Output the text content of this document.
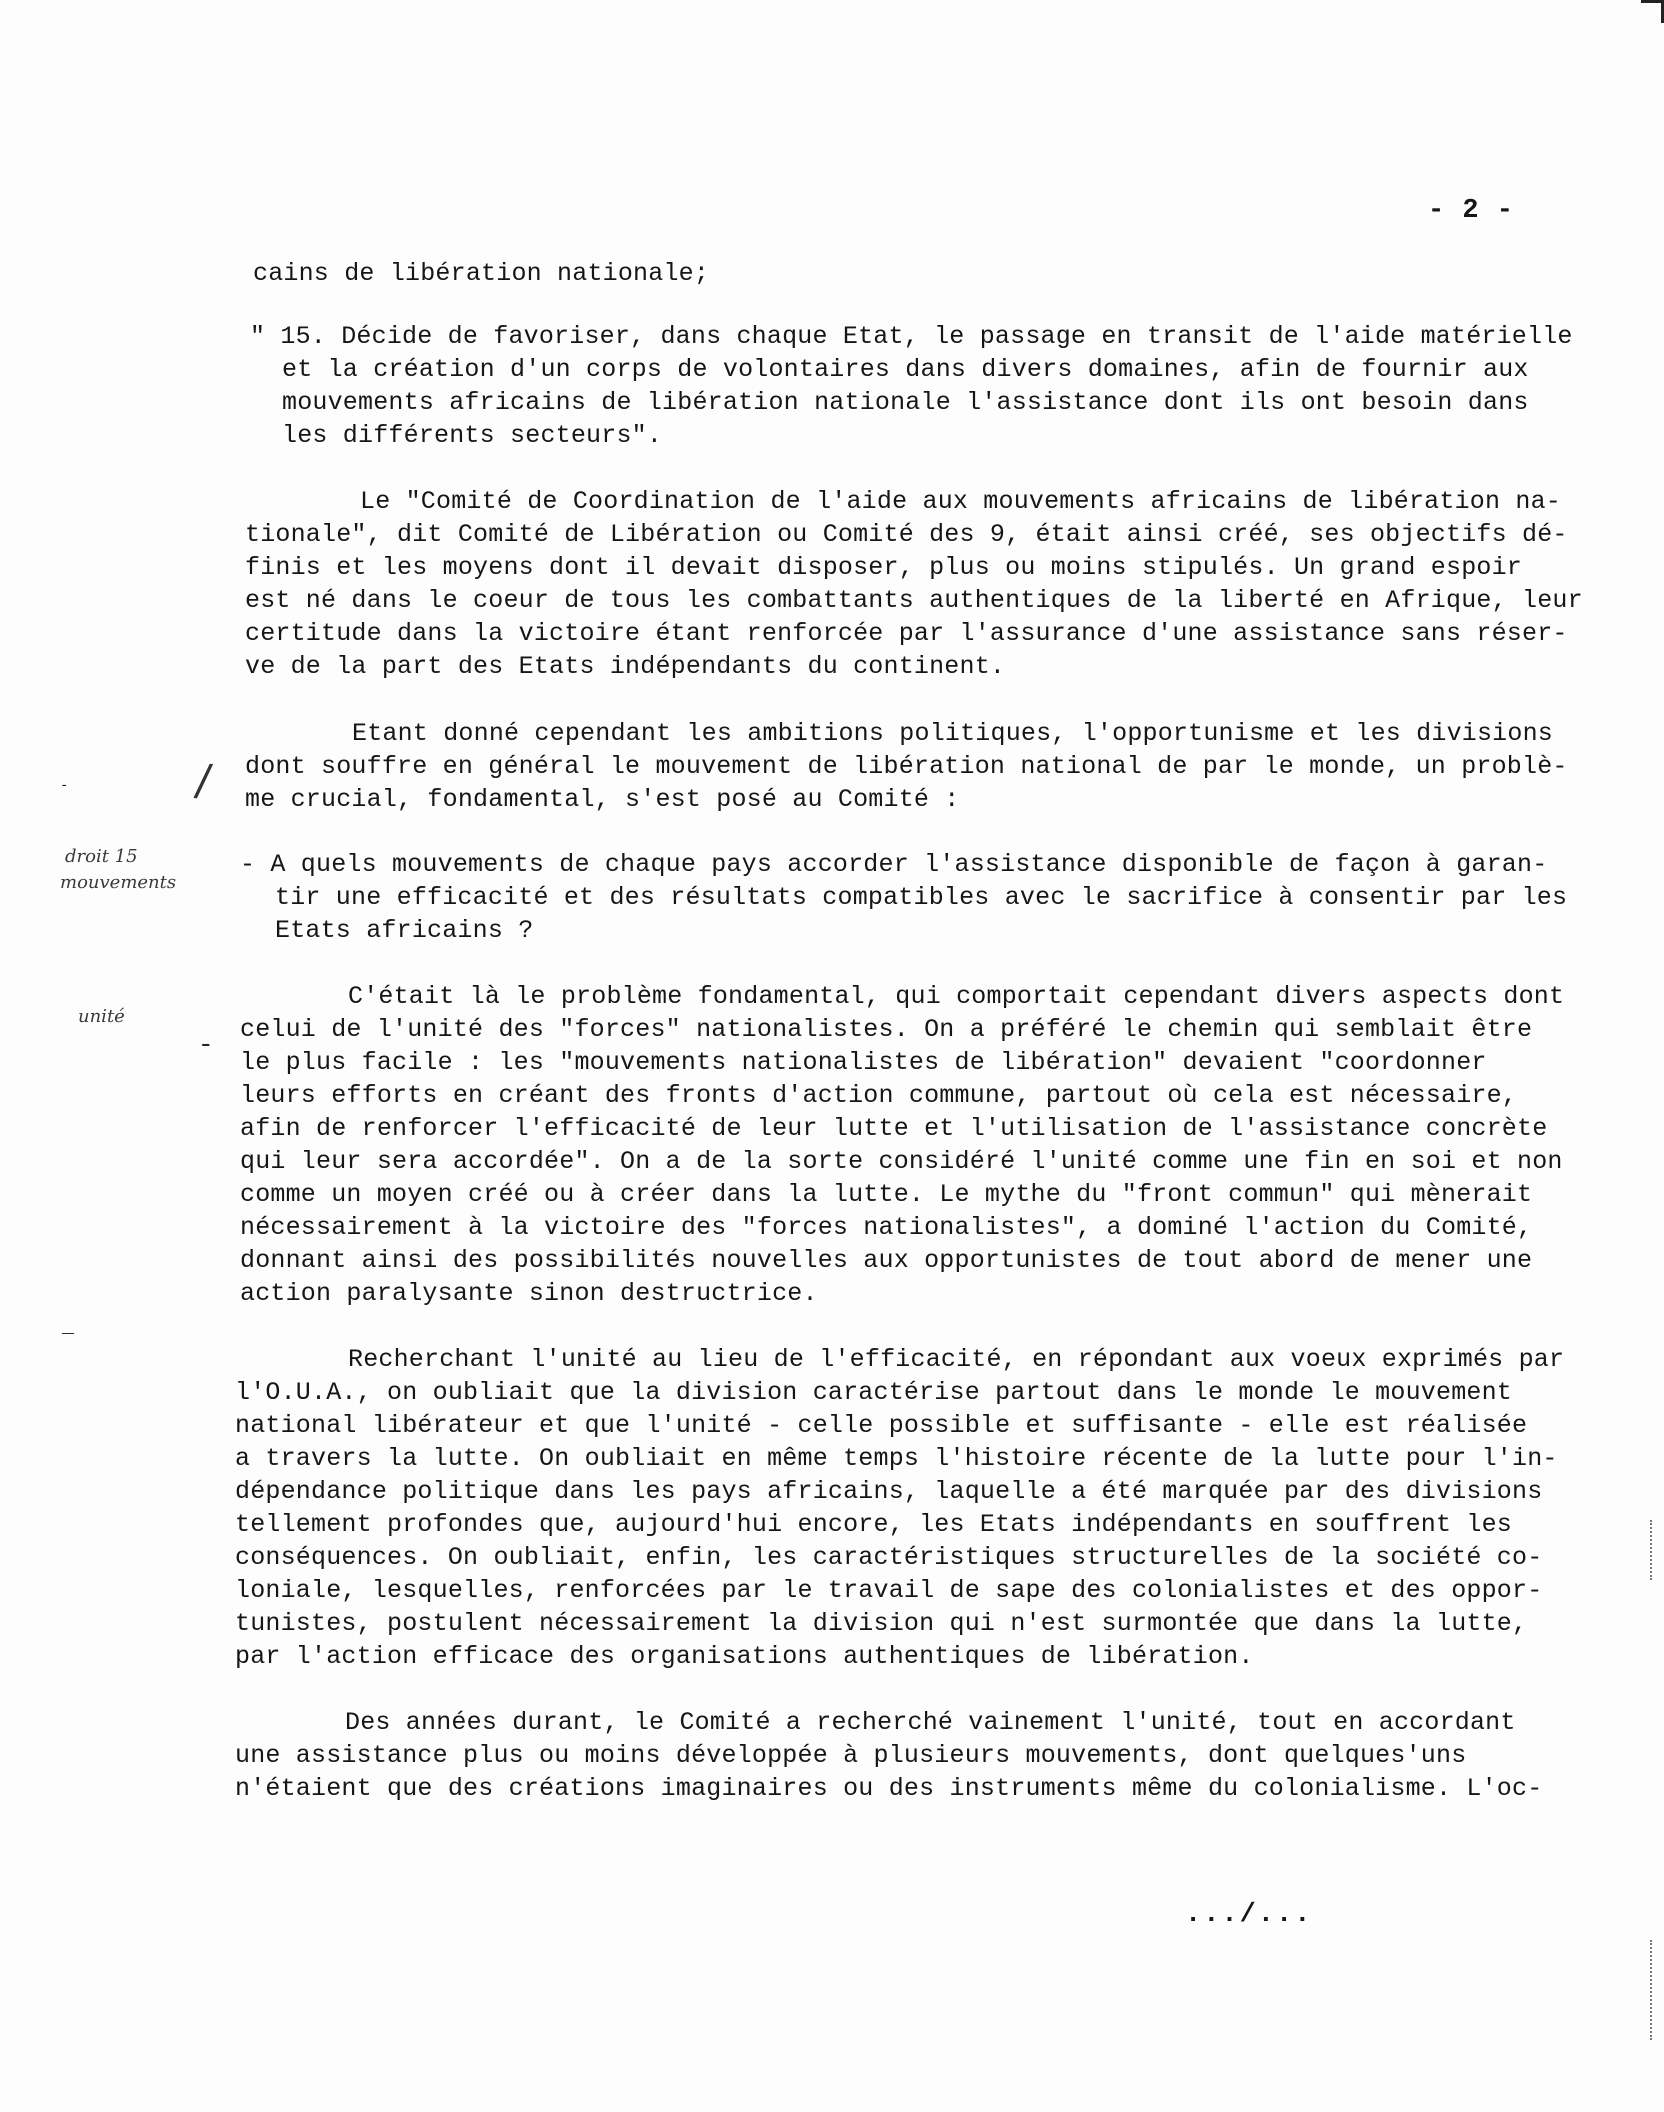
- 2 -
cains de libération nationale;
" 15. Décide de favoriser, dans chaque Etat, le passage en transit de l'aide matérielle
et la création d'un corps de volontaires dans divers domaines, afin de fournir aux
mouvements africains de libération nationale l'assistance dont ils ont besoin dans
les différents secteurs".
Le "Comité de Coordination de l'aide aux mouvements africains de libération na-
tionale", dit Comité de Libération ou Comité des 9, était ainsi créé, ses objectifs dé-
finis et les moyens dont il devait disposer, plus ou moins stipulés. Un grand espoir
est né dans le coeur de tous les combattants authentiques de la liberté en Afrique, leur
certitude dans la victoire étant renforcée par l'assurance d'une assistance sans réser-
ve de la part des Etats indépendants du continent.
Etant donné cependant les ambitions politiques, l'opportunisme et les divisions
dont souffre en général le mouvement de libération national de par le monde, un problè-
me crucial, fondamental, s'est posé au Comité :
- A quels mouvements de chaque pays accorder l'assistance disponible de façon à garan-
tir une efficacité et des résultats compatibles avec le sacrifice à consentir par les
Etats africains ?
C'était là le problème fondamental, qui comportait cependant divers aspects dont
celui de l'unité des "forces" nationalistes. On a préféré le chemin qui semblait être
le plus facile : les "mouvements nationalistes de libération" devaient "coordonner
leurs efforts en créant des fronts d'action commune, partout où cela est nécessaire,
afin de renforcer l'efficacité de leur lutte et l'utilisation de l'assistance concrète
qui leur sera accordée". On a de la sorte considéré l'unité comme une fin en soi et non
comme un moyen créé ou à créer dans la lutte. Le mythe du "front commun" qui mènerait
nécessairement à la victoire des "forces nationalistes", a dominé l'action du Comité,
donnant ainsi des possibilités nouvelles aux opportunistes de tout abord de mener une
action paralysante sinon destructrice.
Recherchant l'unité au lieu de l'efficacité, en répondant aux voeux exprimés par
l'O.U.A., on oubliait que la division caractérise partout dans le monde le mouvement
national libérateur et que l'unité - celle possible et suffisante - elle est réalisée
a travers la lutte. On oubliait en même temps l'histoire récente de la lutte pour l'in-
dépendance politique dans les pays africains, laquelle a été marquée par des divisions
tellement profondes que, aujourd'hui encore, les Etats indépendants en souffrent les
conséquences. On oubliait, enfin, les caractéristiques structurelles de la société co-
loniale, lesquelles, renforcées par le travail de sape des colonialistes et des oppor-
tunistes, postulent nécessairement la division qui n'est surmontée que dans la lutte,
par l'action efficace des organisations authentiques de libération.
Des années durant, le Comité a recherché vainement l'unité, tout en accordant
une assistance plus ou moins développée à plusieurs mouvements, dont quelques'uns
n'étaient que des créations imaginaires ou des instruments même du colonialisme. L'oc-
droit 15
mouvements
unité
/
-
-
_
.../...
